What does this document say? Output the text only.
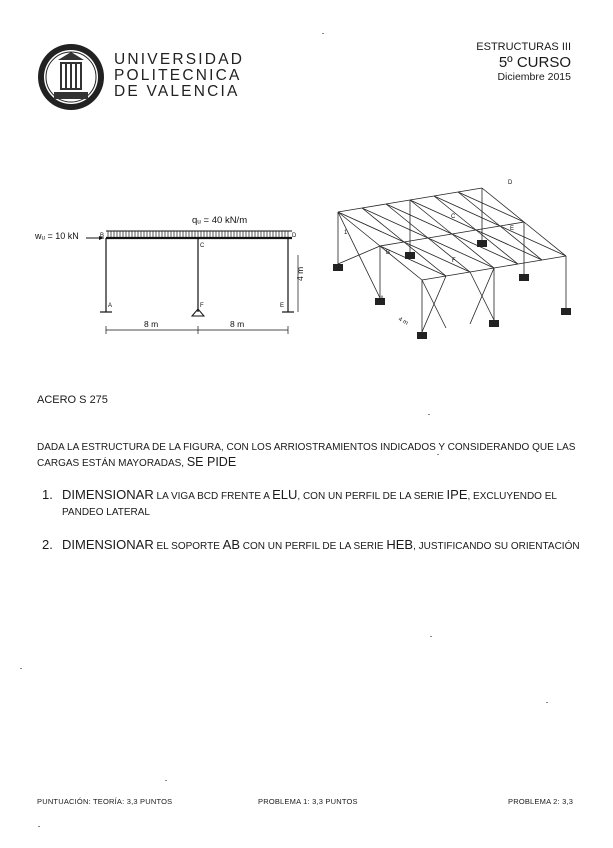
UNIVERSIDAD
POLITECNICA
DE VALENCIA
ESTRUCTURAS III
5º CURSO
Diciembre 2015
qᵤ = 40 kN/m
wᵤ = 10 kN
4 m
8 m	8 m
B
C
D
A	F	E
D
C
B
A
E
F
1
4 m
ACERO S 275
DADA LA ESTRUCTURA DE LA FIGURA, CON LOS ARRIOSTRAMIENTOS INDICADOS Y CONSIDERANDO QUE LAS CARGAS ESTÁN MAYORADAS, SE PIDE
1. DIMENSIONAR LA VIGA BCD FRENTE A ELU, CON UN PERFIL DE LA SERIE IPE, EXCLUYENDO EL PANDEO LATERAL
2. DIMENSIONAR EL SOPORTE AB CON UN PERFIL DE LA SERIE HEB, JUSTIFICANDO SU ORIENTACIÓN
PUNTUACIÓN: TEORÍA: 3,3 PUNTOS	PROBLEMA 1: 3,3 PUNTOS	PROBLEMA 2: 3,3
